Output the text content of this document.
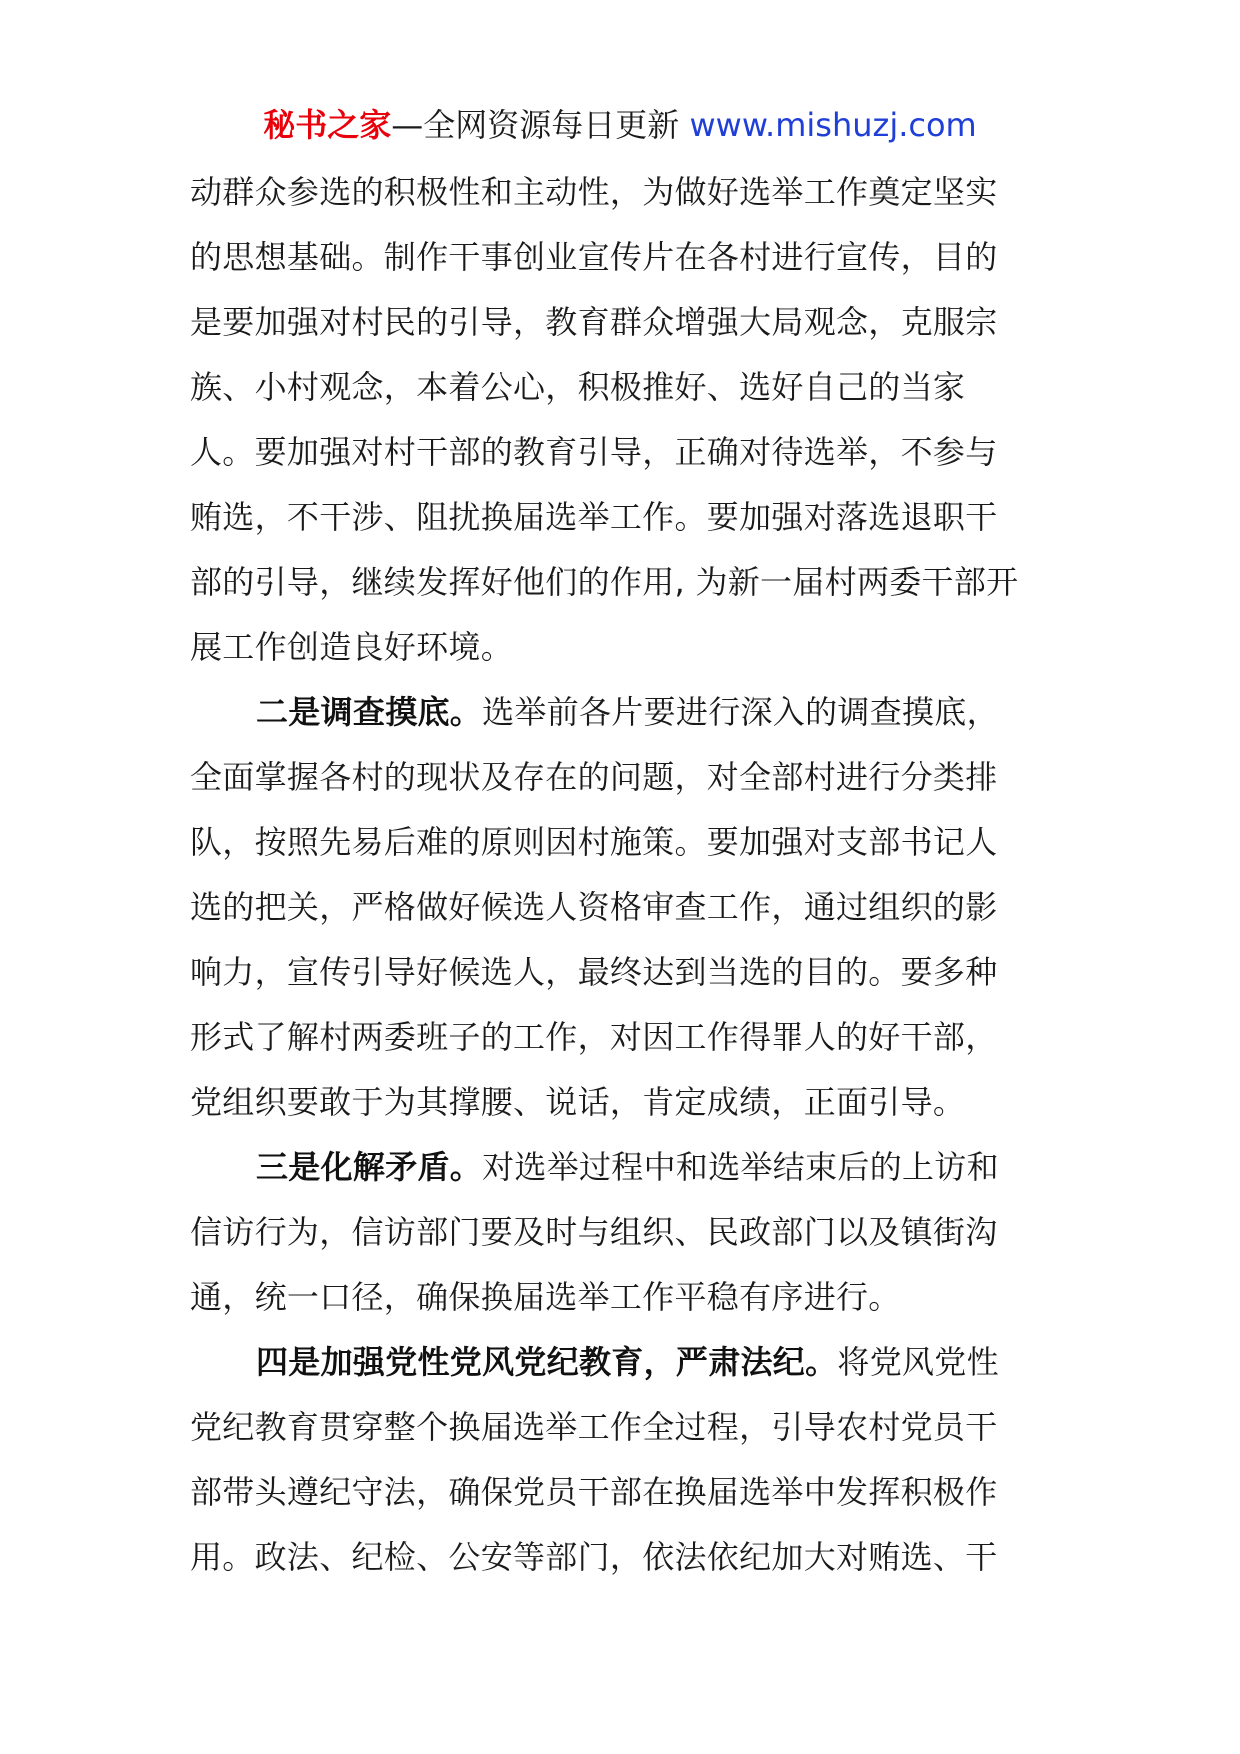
秘书之家—全网资源每日更新 www.mishuzj.com
动群众参选的积极性和主动性，为做好选举工作奠定坚实
的思想基础。制作干事创业宣传片在各村进行宣传，目的
是要加强对村民的引导，教育群众增强大局观念，克服宗
族、小村观念，本着公心，积极推好、选好自己的当家
人。要加强对村干部的教育引导，正确对待选举，不参与
贿选，不干涉、阻扰换届选举工作。要加强对落选退职干
部的引导，继续发挥好他们的作用, 为新一届村两委干部开
展工作创造良好环境。
二是调查摸底。选举前各片要进行深入的调查摸底，
全面掌握各村的现状及存在的问题，对全部村进行分类排
队，按照先易后难的原则因村施策。要加强对支部书记人
选的把关，严格做好候选人资格审查工作，通过组织的影
响力，宣传引导好候选人，最终达到当选的目的。要多种
形式了解村两委班子的工作，对因工作得罪人的好干部，
党组织要敢于为其撑腰、说话，肯定成绩，正面引导。
三是化解矛盾。对选举过程中和选举结束后的上访和
信访行为，信访部门要及时与组织、民政部门以及镇街沟
通，统一口径，确保换届选举工作平稳有序进行。
四是加强党性党风党纪教育，严肃法纪。将党风党性
党纪教育贯穿整个换届选举工作全过程，引导农村党员干
部带头遵纪守法，确保党员干部在换届选举中发挥积极作
用。政法、纪检、公安等部门，依法依纪加大对贿选、干
